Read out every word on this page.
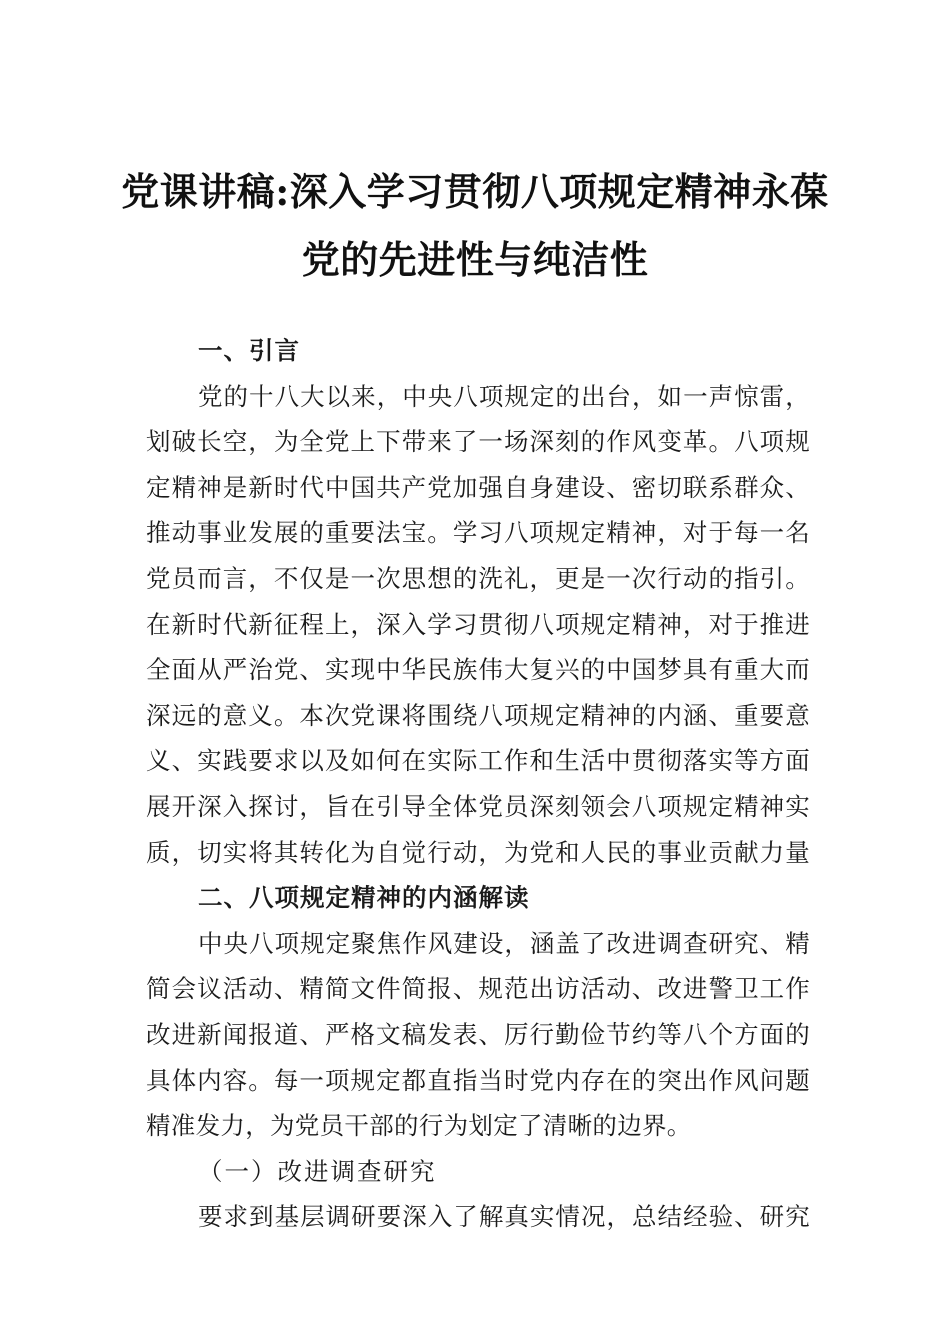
党课讲稿:深入学习贯彻八项规定精神永葆
党的先进性与纯洁性

一、引言

党的十八大以来，中央八项规定的出台，如一声惊雷，
划破长空，为全党上下带来了一场深刻的作风变革。八项规
定精神是新时代中国共产党加强自身建设、密切联系群众、
推动事业发展的重要法宝。学习八项规定精神，对于每一名
党员而言，不仅是一次思想的洗礼，更是一次行动的指引。
在新时代新征程上，深入学习贯彻八项规定精神，对于推进
全面从严治党、实现中华民族伟大复兴的中国梦具有重大而
深远的意义。本次党课将围绕八项规定精神的内涵、重要意
义、实践要求以及如何在实际工作和生活中贯彻落实等方面
展开深入探讨，旨在引导全体党员深刻领会八项规定精神实
质，切实将其转化为自觉行动，为党和人民的事业贡献力量

二、八项规定精神的内涵解读

中央八项规定聚焦作风建设，涵盖了改进调查研究、精
简会议活动、精简文件简报、规范出访活动、改进警卫工作
改进新闻报道、严格文稿发表、厉行勤俭节约等八个方面的
具体内容。每一项规定都直指当时党内存在的突出作风问题
精准发力，为党员干部的行为划定了清晰的边界。

（一）改进调查研究

要求到基层调研要深入了解真实情况，总结经验、研究
